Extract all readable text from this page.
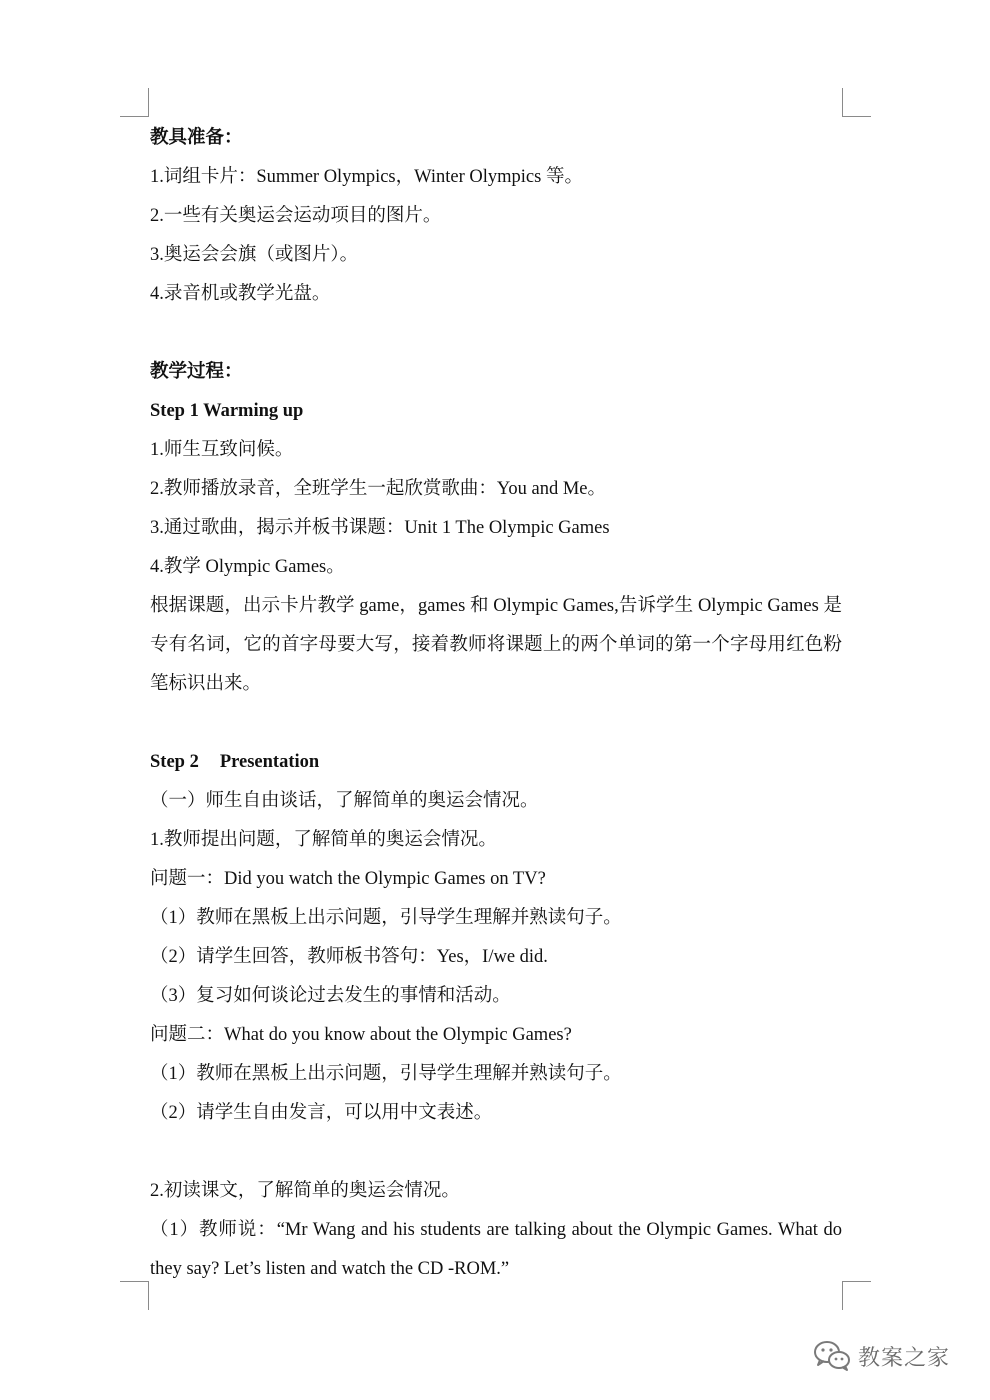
教具准备：
1.词组卡片：Summer Olympics，Winter Olympics 等。
2.一些有关奥运会运动项目的图片。
3.奥运会会旗（或图片）。
4.录音机或教学光盘。
教学过程：
Step 1 Warming up
1.师生互致问候。
2.教师播放录音，全班学生一起欣赏歌曲：You and Me。
3.通过歌曲，揭示并板书课题：Unit 1 The Olympic Games
4.教学 Olympic Games。
根据课题，出示卡片教学 game，games 和 Olympic Games,告诉学生 Olympic Games 是专有名词，它的首字母要大写，接着教师将课题上的两个单词的第一个字母用红色粉笔标识出来。
Step 2 Presentation
（一）师生自由谈话，了解简单的奥运会情况。
1.教师提出问题，了解简单的奥运会情况。
问题一：Did you watch the Olympic Games on TV?
（1）教师在黑板上出示问题，引导学生理解并熟读句子。
（2）请学生回答，教师板书答句：Yes，I/we did.
（3）复习如何谈论过去发生的事情和活动。
问题二：What do you know about the Olympic Games?
（1）教师在黑板上出示问题，引导学生理解并熟读句子。
（2）请学生自由发言，可以用中文表述。
2.初读课文，了解简单的奥运会情况。
（1）教师说：“Mr Wang and his students are talking about the Olympic Games. What do they say? Let’s listen and watch the CD -ROM.”
教案之家
